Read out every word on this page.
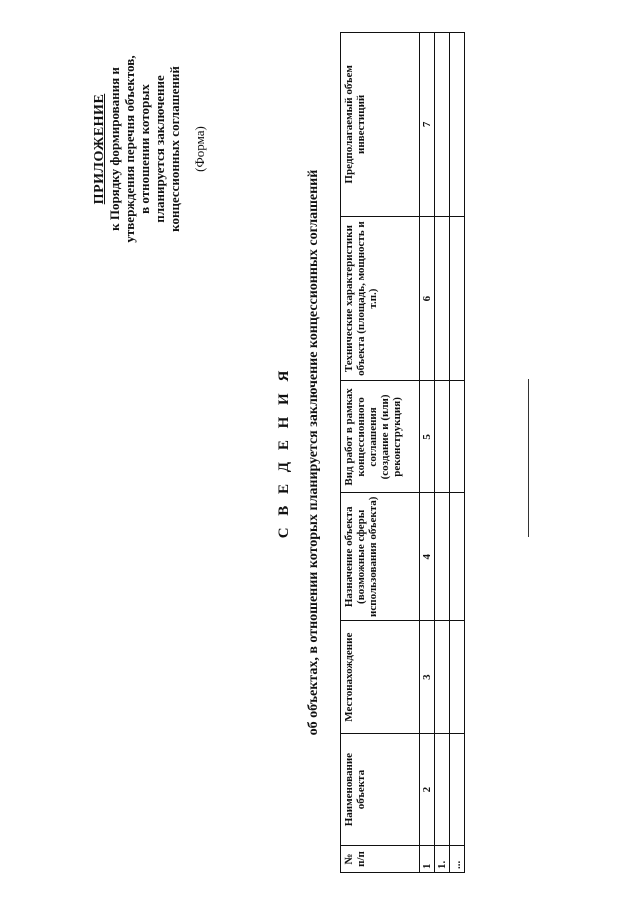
ПРИЛОЖЕНИЕ к Порядку формирования и утверждения перечня объектов, в отношении которых планируется заключение концессионных соглашений (Форма)
С В Е Д Е Н И Я об объектах, в отношении которых планируется заключение концессионных соглашений
№ п/п	Наименование объекта	Местонахождение	Назначение объекта (возможные сферы использования объекта)	Вид работ в рамках концессионного соглашения (создание и (или) реконструкция)	Технические характеристики объекта (площадь, мощность и т.п.)	Предполагаемый объем инвестиций
1	2	3	4	5	6	7
1.						
...						
